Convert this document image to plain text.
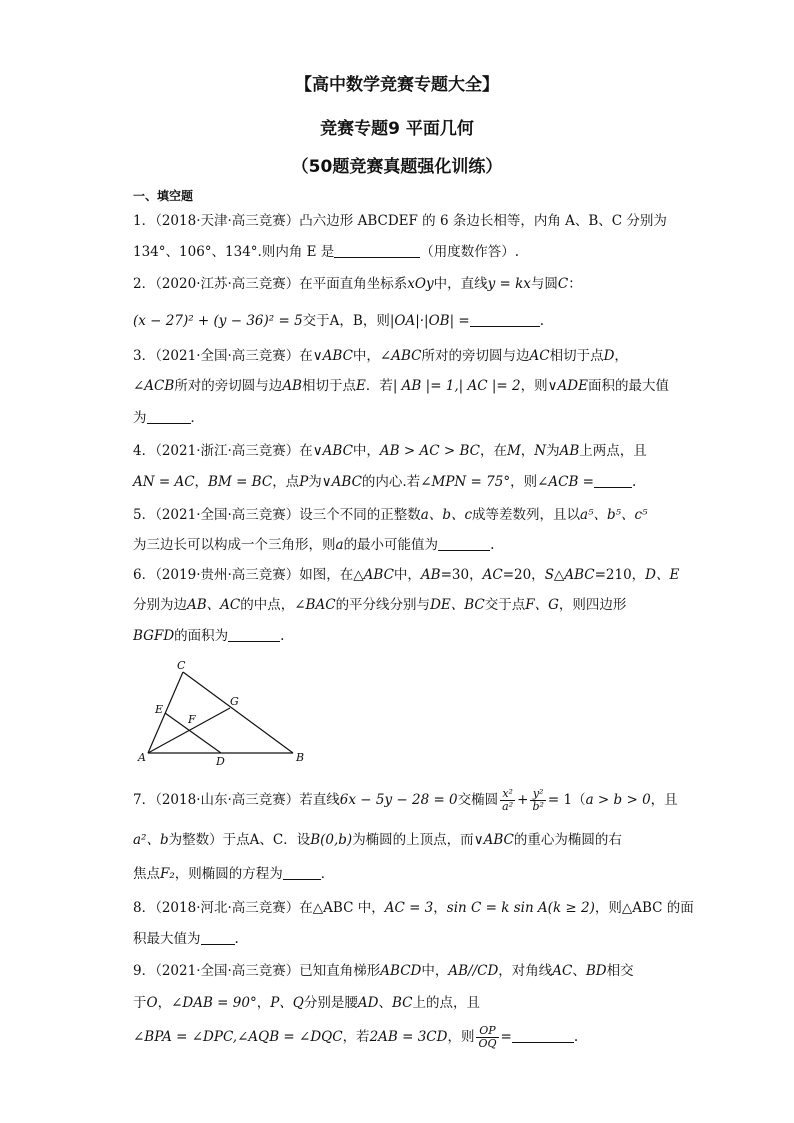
【高中数学竞赛专题大全】
竞赛专题9 平面几何
（50题竞赛真题强化训练）
一、填空题
1．（2018·天津·高三竞赛）凸六边形 ABCDEF 的 6 条边长相等，内角 A、B、C 分别为
134°、106°、134°.则内角 E 是	（用度数作答）.
2．（2020·江苏·高三竞赛）在平面直角坐标系xOy中，直线y = kx与圆C：
(x − 27)² + (y − 36)² = 5交于A，B，则|OA|·|OB| =	.
3．（2021·全国·高三竞赛）在∨ABC中，∠ABC所对的旁切圆与边AC相切于点D，
∠ACB所对的旁切圆与边AB相切于点E．若| AB |= 1,| AC |= 2，则∨ADE面积的最大值
为	．
4．（2021·浙江·高三竞赛）在∨ABC中，AB > AC > BC，在M，N为AB上两点，且
AN = AC，BM = BC，点P为∨ABC的内心.若∠MPN = 75°，则∠ACB =	.
5．（2021·全国·高三竞赛）设三个不同的正整数a、b、c成等差数列，且以a⁵、b⁵、c⁵
为三边长可以构成一个三角形，则a的最小可能值为	.
6．（2019·贵州·高三竞赛）如图，在△ABC中，AB=30，AC=20，S△ABC=210，D、E
分别为边AB、AC的中点，∠BAC的平分线分别与DE、BC交于点F、G，则四边形
BGFD的面积为	.
C
E
F
G
A	D	B
7．（2018·山东·高三竞赛）若直线6x − 5y − 28 = 0交椭圆 $\frac{\text{x²}}{\text{a²}} + \frac{\text{y²}}{\text{b²}} = 1(a > b > 0$，且
a²、b为整数）于点A、C．设B(0,b)为椭圆的上顶点，而∨ABC的重心为椭圆的右
焦点F₂，则椭圆的方程为	．
8．（2018·河北·高三竞赛）在△ABC 中，AC = 3，sin C = k sin A(k ≥ 2)，则△ABC 的面
积最大值为	.
9．（2021·全国·高三竞赛）已知直角梯形ABCD中，AB//CD，对角线AC、BD相交
于O，∠DAB = 90°，P、Q分别是腰AD、BC上的点，且
∠BPA = ∠DPC,∠AQB = ∠DQC，若2AB = 3CD，则 $\frac{OP}{OQ}$ =	.
